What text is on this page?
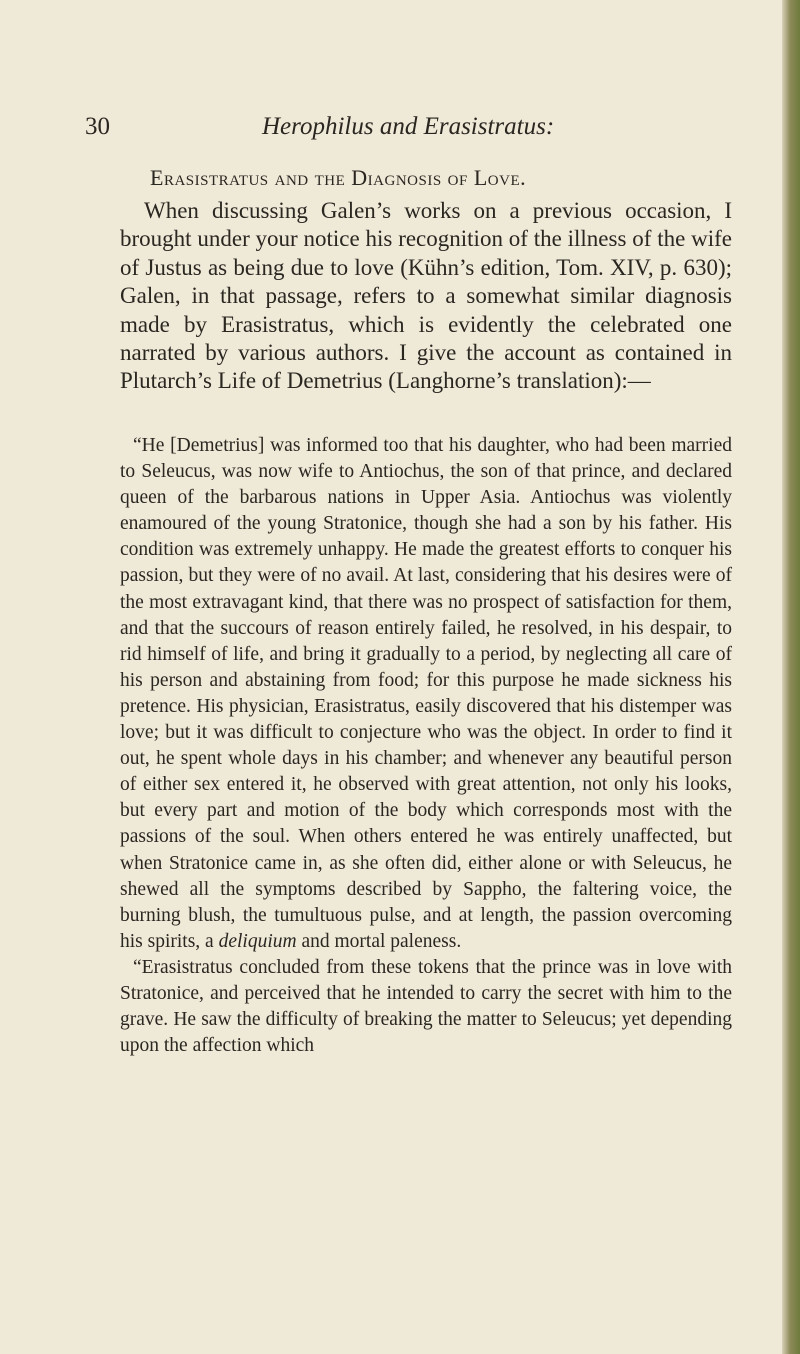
30	Herophilus and Erasistratus:
Erasistratus and the Diagnosis of Love.

When discussing Galen’s works on a previous occasion, I brought under your notice his recognition of the illness of the wife of Justus as being due to love (Kühn’s edition, Tom. XIV, p. 630); Galen, in that passage, refers to a somewhat similar diagnosis made by Erasistratus, which is evidently the celebrated one narrated by various authors. I give the account as contained in Plutarch’s Life of Demetrius (Langhorne’s translation):—

“He [Demetrius] was informed too that his daughter, who had been married to Seleucus, was now wife to Antiochus, the son of that prince, and declared queen of the barbarous nations in Upper Asia. Antiochus was violently enamoured of the young Stratonice, though she had a son by his father. His condition was extremely unhappy. He made the greatest efforts to conquer his passion, but they were of no avail. At last, considering that his desires were of the most extravagant kind, that there was no prospect of satisfaction for them, and that the succours of reason entirely failed, he resolved, in his despair, to rid himself of life, and bring it gradually to a period, by neglecting all care of his person and abstaining from food; for this purpose he made sickness his pretence. His physician, Erasistratus, easily discovered that his distemper was love; but it was difficult to conjecture who was the object. In order to find it out, he spent whole days in his chamber; and whenever any beautiful person of either sex entered it, he observed with great attention, not only his looks, but every part and motion of the body which corresponds most with the passions of the soul. When others entered he was entirely unaffected, but when Stratonice came in, as she often did, either alone or with Seleucus, he shewed all the symptoms described by Sappho, the faltering voice, the burning blush, the tumultuous pulse, and at length, the passion overcoming his spirits, a deliquium and mortal paleness.

“Erasistratus concluded from these tokens that the prince was in love with Stratonice, and perceived that he intended to carry the secret with him to the grave. He saw the difficulty of breaking the matter to Seleucus; yet depending upon the affection which
